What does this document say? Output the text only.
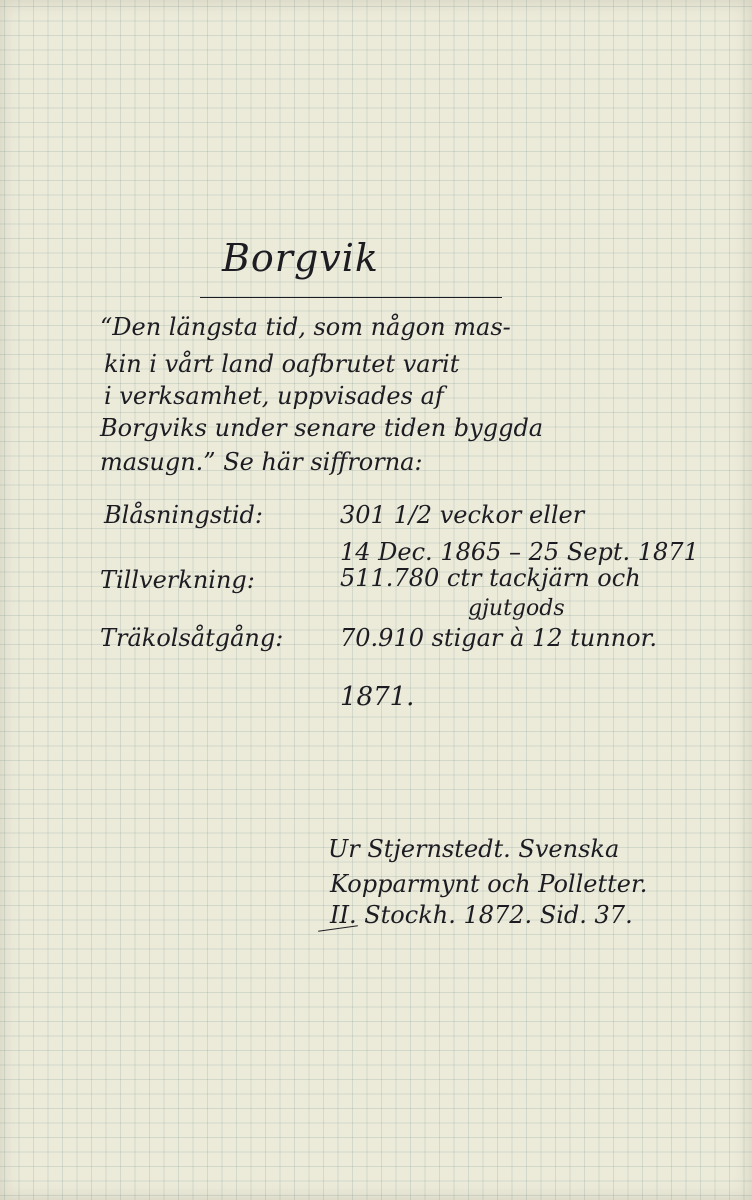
Borgvik
“Den längsta tid, som någon mas-
kin i vårt land oafbrutet varit
i verksamhet, uppvisades af
Borgviks under senare tiden byggda
masugn.” Se här siffrorna:
Blåsningstid:	301 1/2 veckor eller
14 Dec. 1865 – 25 Sept. 1871
Tillverkning:	511.780 ctr tackjärn och
gjutgods
Träkolsåtgång: 70.910 stigar à 12 tunnor.
1871.
Ur Stjernstedt. Svenska
Kopparmynt och Polletter.
II. Stockh. 1872. Sid. 37.
